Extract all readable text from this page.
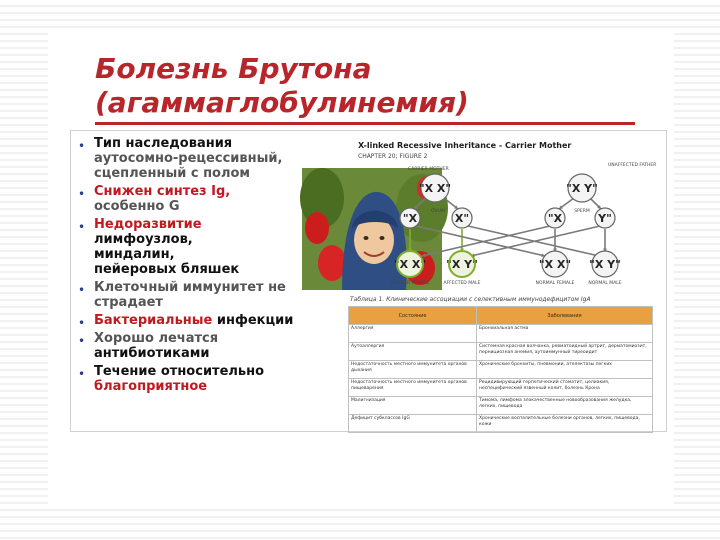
Болезнь Брутона
(агаммаглобулинемия)
• Тип наследования
аутосомно-рецессивный,
сцепленный с полом
• Снижен синтез Ig,
особенно G
• Недоразвитие
лимфоузлов,
миндалин,
пейеровых бляшек
• Клеточный иммунитет не
страдает
• Бактериальные инфекции
• Хорошо лечатся
антибиотиками
• Течение относительно
благоприятное
X-linked Recessive Inheritance - Carrier Mother
CHAPTER 20; FIGURE 2
"X X"	"X Y"
CARRIER MOTHER
UNAFFECTED FATHER
OVUM	SPERM
"X	X"	"X	Y"
"X X"
CARRIER FEMALE
"X Y"
AFFECTED MALE
"X X"
NORMAL FEMALE
"X Y"
NORMAL MALE
Таблица 1. Клинические ассоциации с селективным иммунодефицитом IgA
Состояние	Заболевания
Аллергия	Бронхиальная астма
Аутоаллергия	Системная красная волчанка, ревматоидный артрит, дерматомиозит, пернициозная анемия, аутоиммунный тиреоидит
Недостаточность местного иммунитета органов дыхания	Хронические бронхиты, пневмонии, ателектазы легких
Недостаточность местного иммунитета органов пищеварения	Рецидивирующий герпетический стоматит, целиакия, неспецифический язвенный колит, болезнь Крона
Малигнизация	Тимома, лимфома злокачественные новообразования желудка, легких, пищевода
Дефицит субклассов IgG	Хронические воспалительные болезни органов, легких, пищевода, кожи
